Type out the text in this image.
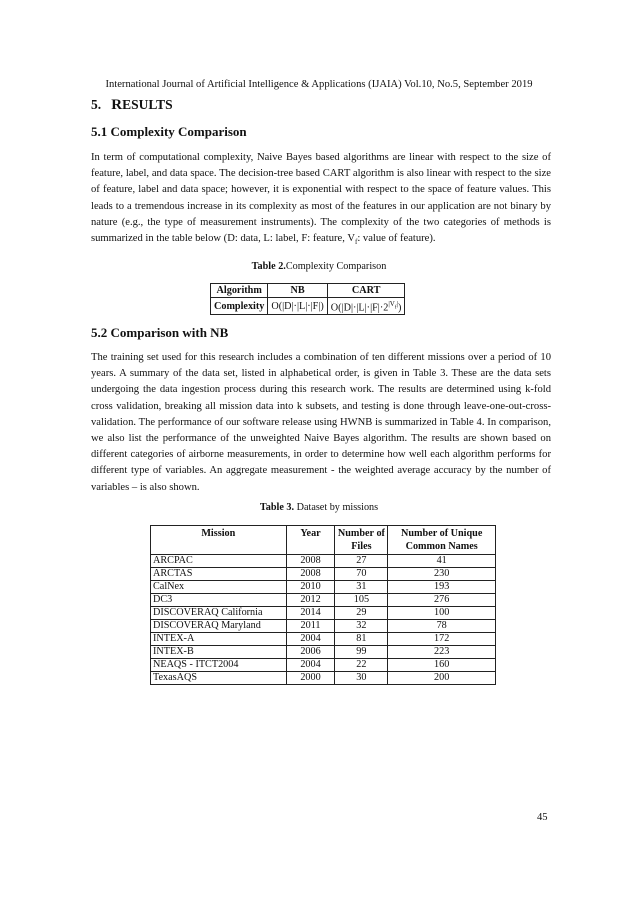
International Journal of Artificial Intelligence & Applications (IJAIA) Vol.10, No.5, September 2019
5. RESULTS
5.1 Complexity Comparison

In term of computational complexity, Naive Bayes based algorithms are linear with respect to the size of feature, label, and data space. The decision-tree based CART algorithm is also linear with respect to the size of feature, label and data space; however, it is exponential with respect to the space of feature values. This leads to a tremendous increase in its complexity as most of the features in our application are not binary by nature (e.g., the type of measurement instruments). The complexity of the two categories of methods is summarized in the table below (D: data, L: label, F: feature, $V_f$: value of feature).

Table 2.Complexity Comparison
Algorithm	NB	CART
Complexity	O(|D|·|L|·|F|)	$O(|D|\cdot|L|\cdot|F|\cdot 2^{|V_f|})$
5.2 Comparison with NB

The training set used for this research includes a combination of ten different missions over a period of 10 years. A summary of the data set, listed in alphabetical order, is given in Table 3. These are the data sets undergoing the data ingestion process during this research work. The results are determined using k-fold cross validation, breaking all mission data into k subsets, and testing is done through leave-one-out-cross-validation. The performance of our software release using HWNB is summarized in Table 4. In comparison, we also list the performance of the unweighted Naive Bayes algorithm. The results are shown based on different categories of airborne measurements, in order to determine how well each algorithm performs for different type of variables. An aggregate measurement - the weighted average accuracy by the number of variables – is also shown.

Table 3. Dataset by missions
Mission	Year	Number of Files	Number of Unique Common Names
ARCPAC	2008	27	41
ARCTAS	2008	70	230
CalNex	2010	31	193
DC3	2012	105	276
DISCOVERAQ California	2014	29	100
DISCOVERAQ Maryland	2011	32	78
INTEX-A	2004	81	172
INTEX-B	2006	99	223
NEAQS - ITCT2004	2004	22	160
TexasAQS	2000	30	200
45
